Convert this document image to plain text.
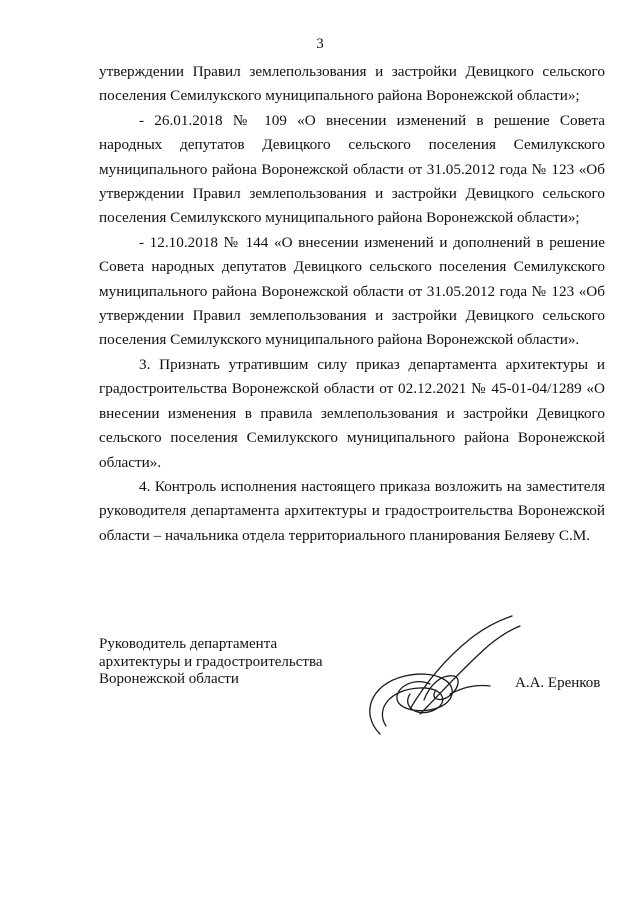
3

утверждении Правил землепользования и застройки Девицкого сельского поселения Семилукского муниципального района Воронежской области»;

- 26.01.2018 № 109 «О внесении изменений в решение Совета народных депутатов Девицкого сельского поселения Семилукского муниципального района Воронежской области от 31.05.2012 года № 123 «Об утверждении Правил землепользования и застройки Девицкого сельского поселения Семилукского муниципального района Воронежской области»;

- 12.10.2018 № 144 «О внесении изменений и дополнений в решение Совета народных депутатов Девицкого сельского поселения Семилукского муниципального района Воронежской области от 31.05.2012 года № 123 «Об утверждении Правил землепользования и застройки Девицкого сельского поселения Семилукского муниципального района Воронежской области».

3. Признать утратившим силу приказ департамента архитектуры и градостроительства Воронежской области от 02.12.2021 № 45-01-04/1289 «О внесении изменения в правила землепользования и застройки Девицкого сельского поселения Семилукского муниципального района Воронежской области».

4. Контроль исполнения настоящего приказа возложить на заместителя руководителя департамента архитектуры и градостроительства Воронежской области – начальника отдела территориального планирования Беляеву С.М.

Руководитель департамента
архитектуры и градостроительства
Воронежской области	А.А. Еренков
